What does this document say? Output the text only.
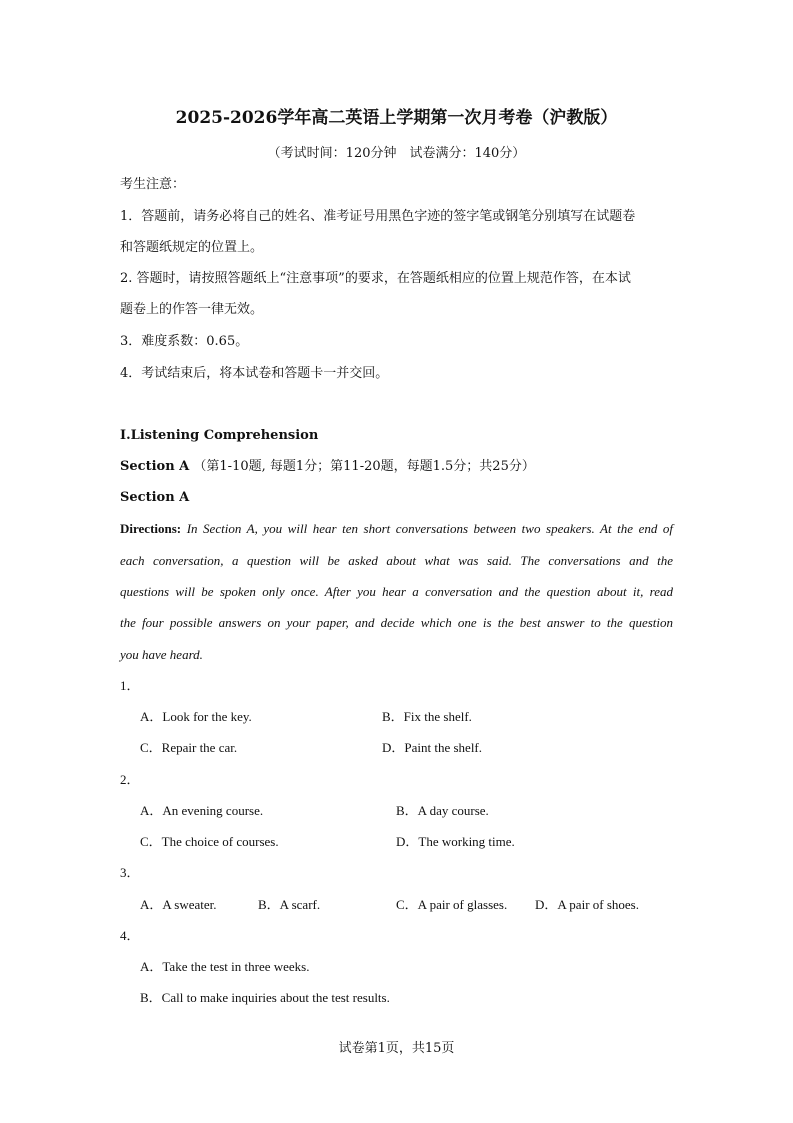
2025-2026学年高二英语上学期第一次月考卷（沪教版）
（考试时间：120分钟　试卷满分：140分）
考生注意：
1．答题前，请务必将自己的姓名、准考证号用黑色字迹的签字笔或钢笔分别填写在试题卷
和答题纸规定的位置上。
2. 答题时，请按照答题纸上“注意事项”的要求，在答题纸相应的位置上规范作答，在本试
题卷上的作答一律无效。
3．难度系数：0.65。
4．考试结束后，将本试卷和答题卡一并交回。
I.Listening Comprehension
Section A （第1-10题, 每题1分；第11-20题，每题1.5分；共25分）
Section A
Directions: In Section A, you will hear ten short conversations between two speakers. At the end of
each conversation, a question will be asked about what was said. The conversations and the
questions will be spoken only once. After you hear a conversation and the question about it, read
the four possible answers on your paper, and decide which one is the best answer to the question
you have heard.
1．
A．Look for the key.	B．Fix the shelf.
C．Repair the car.	D．Paint the shelf.
2．
A．An evening course.	B．A day course.
C．The choice of courses.	D．The working time.
3．
A．A sweater.	B．A scarf.	C．A pair of glasses. D．A pair of shoes.
4．
A．Take the test in three weeks.
B．Call to make inquiries about the test results.
试卷第1页，共15页
